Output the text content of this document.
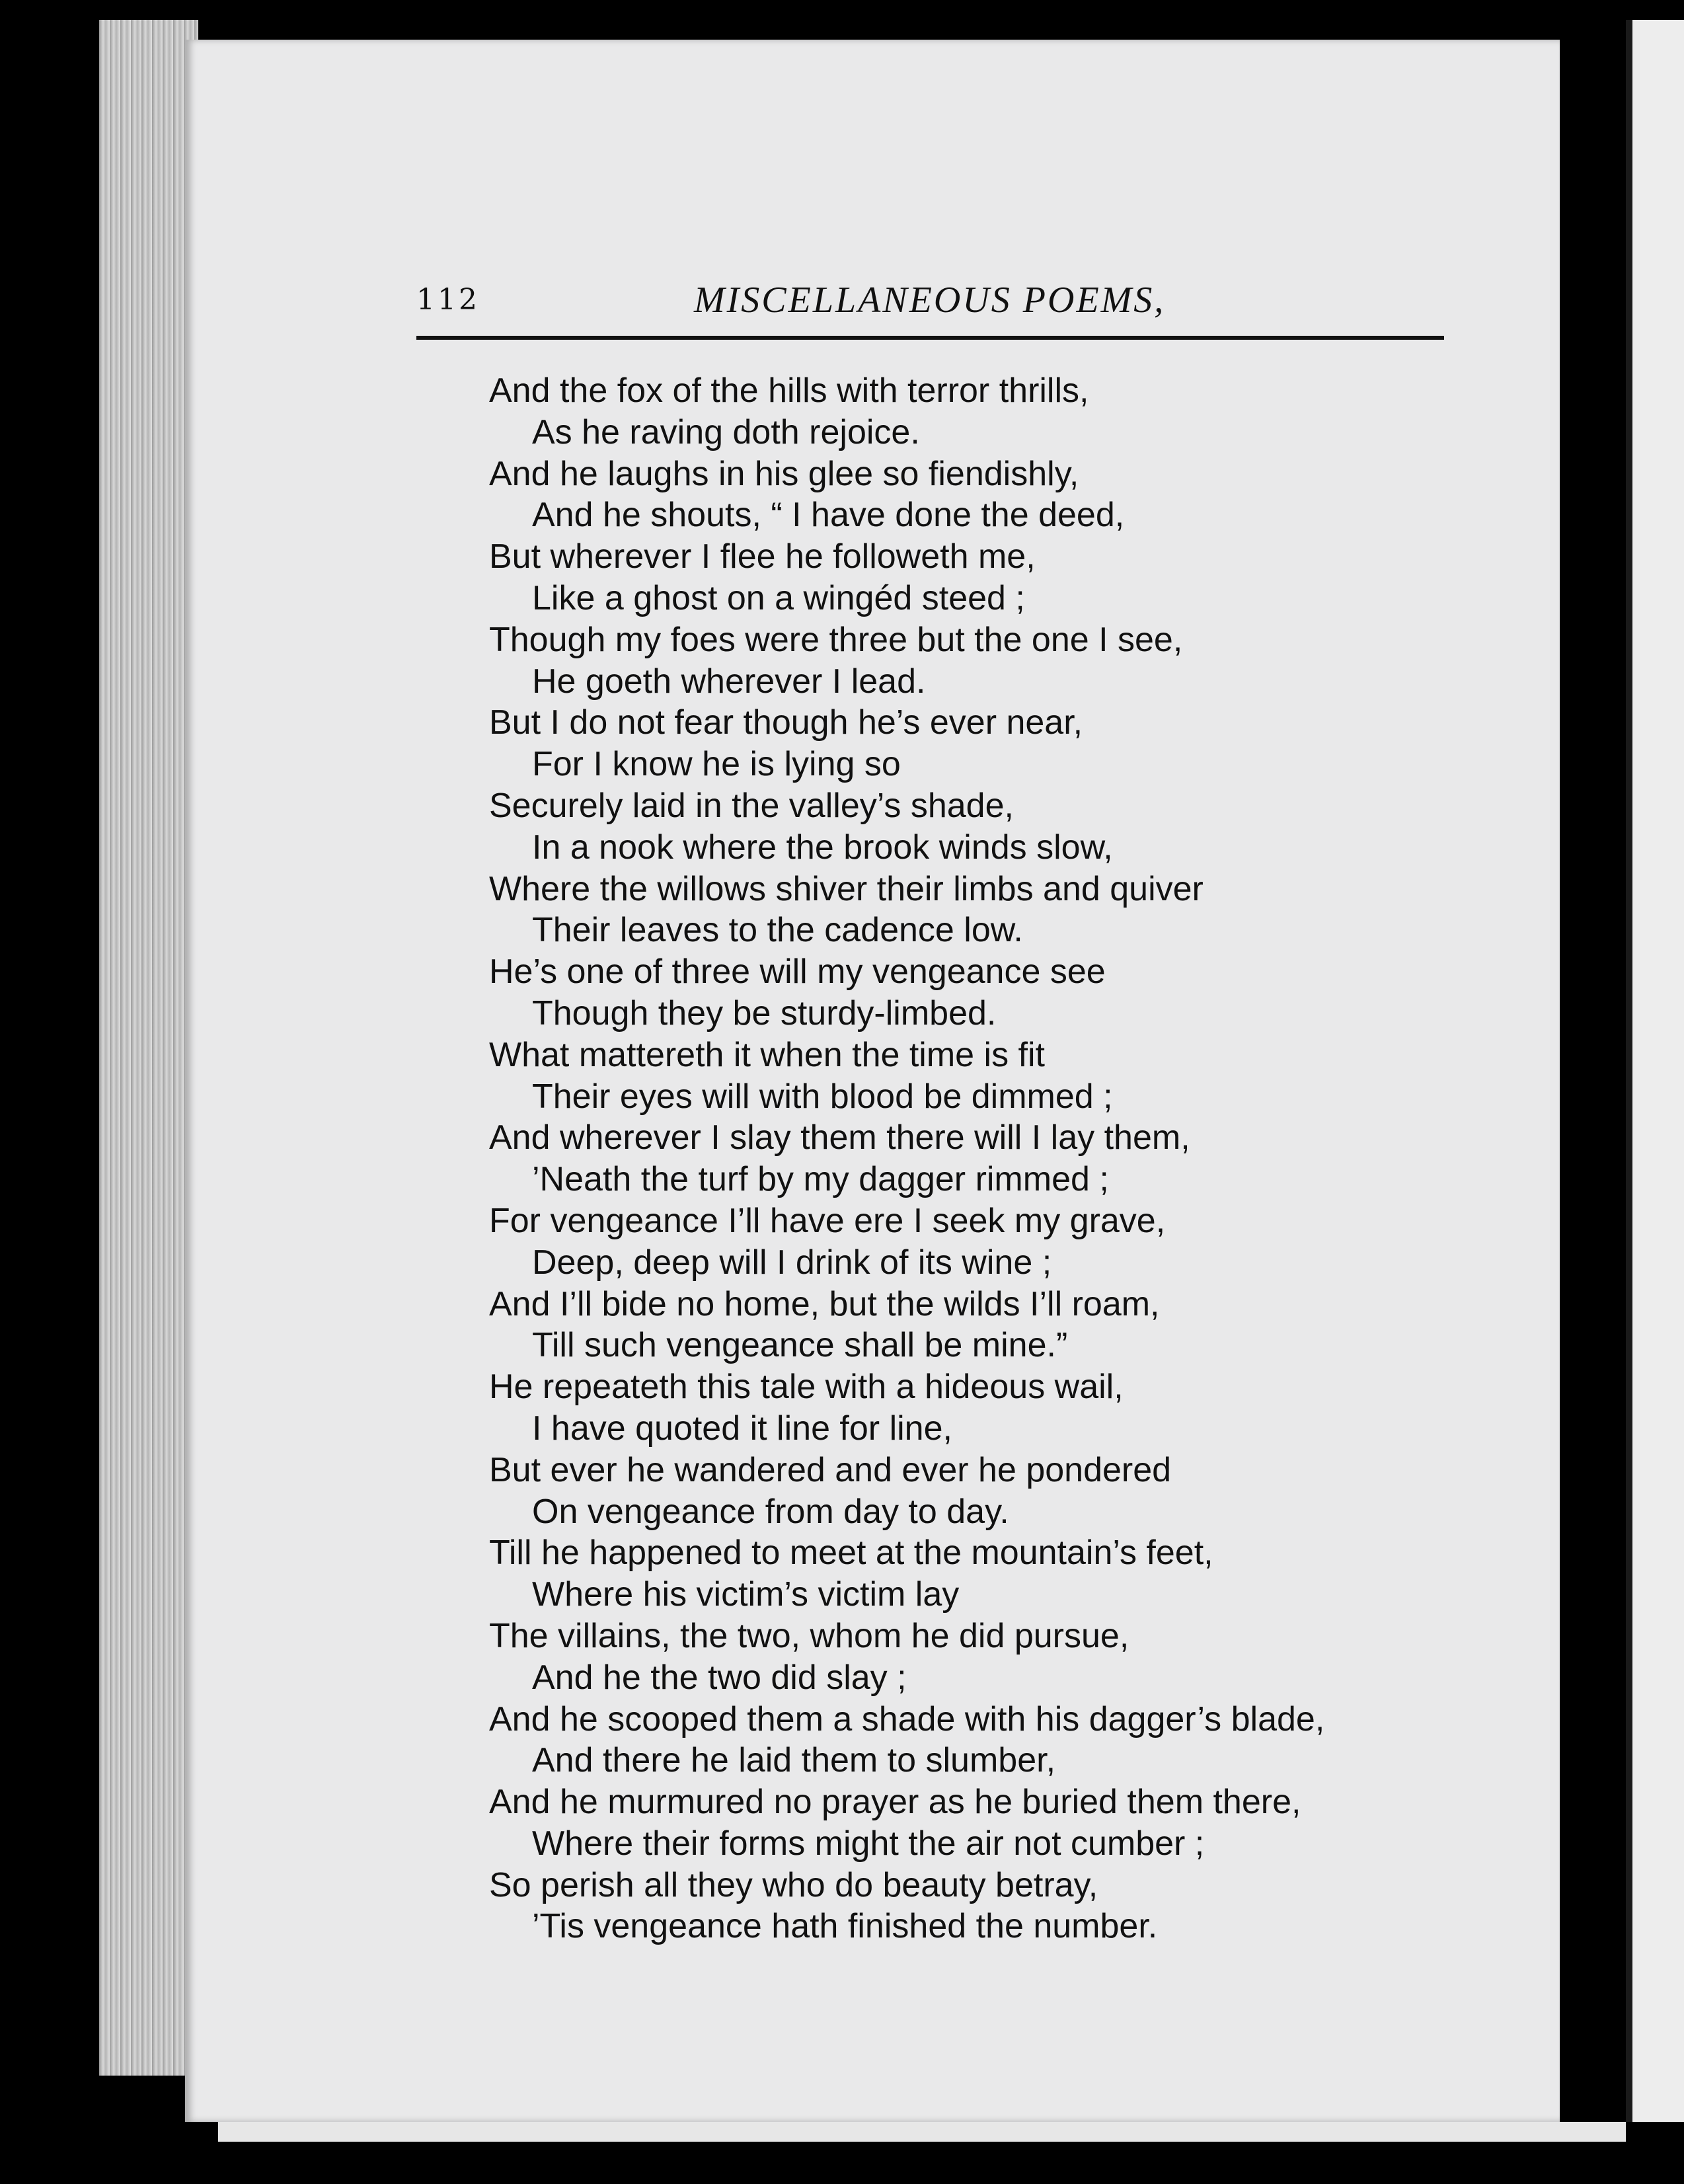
112	MISCELLANEOUS POEMS,
And the fox of the hills with terror thrills,
As he raving doth rejoice.
And he laughs in his glee so fiendishly,
And he shouts, “ I have done the deed,
But wherever I flee he followeth me,
Like a ghost on a wingéd steed ;
Though my foes were three but the one I see,
He goeth wherever I lead.
But I do not fear though he’s ever near,
For I know he is lying so
Securely laid in the valley’s shade,
In a nook where the brook winds slow,
Where the willows shiver their limbs and quiver
Their leaves to the cadence low.
He’s one of three will my vengeance see
Though they be sturdy-limbed.
What mattereth it when the time is fit
Their eyes will with blood be dimmed ;
And wherever I slay them there will I lay them,
’Neath the turf by my dagger rimmed ;
For vengeance I’ll have ere I seek my grave,
Deep, deep will I drink of its wine ;
And I’ll bide no home, but the wilds I’ll roam,
Till such vengeance shall be mine.”
He repeateth this tale with a hideous wail,
I have quoted it line for line,
But ever he wandered and ever he pondered
On vengeance from day to day.
Till he happened to meet at the mountain’s feet,
Where his victim’s victim lay
The villains, the two, whom he did pursue,
And he the two did slay ;
And he scooped them a shade with his dagger’s blade,
And there he laid them to slumber,
And he murmured no prayer as he buried them there,
Where their forms might the air not cumber ;
So perish all they who do beauty betray,
’Tis vengeance hath finished the number.
